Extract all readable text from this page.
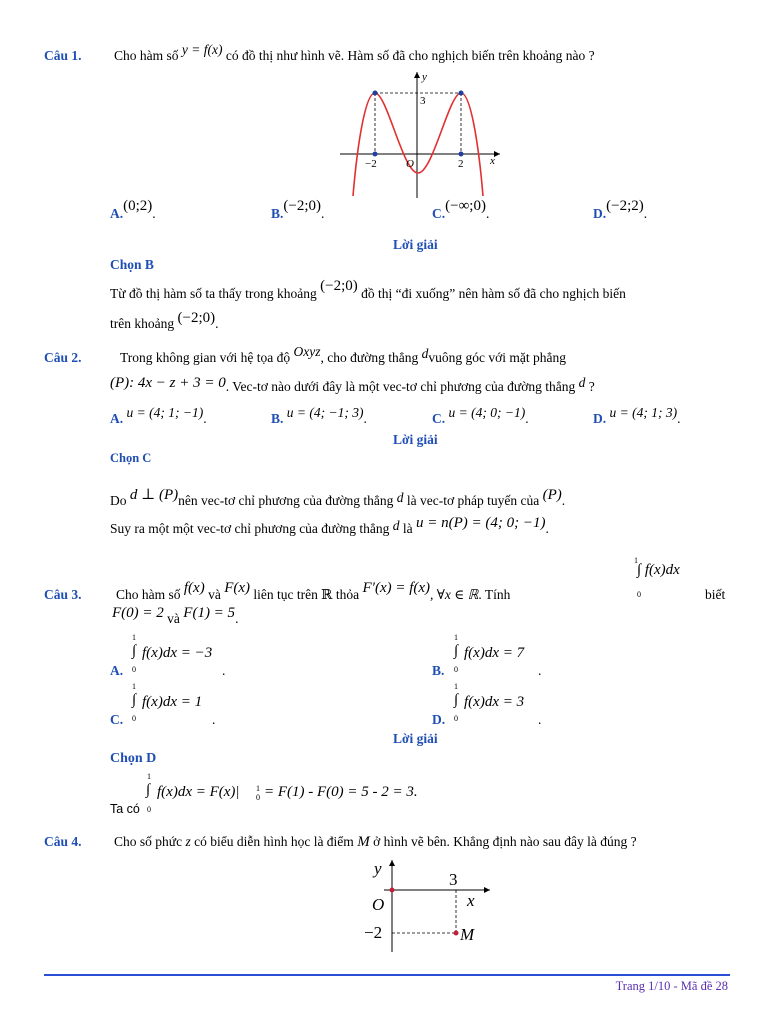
Câu 1. Cho hàm số y = f(x) có đồ thị như hình vẽ. Hàm số đã cho nghịch biến trên khoảng nào ?
y
x
O
−2	2
3
A.(0;2).	B.(−2;0).	C.(−∞;0).	D.(−2;2).
Lời giải
Chọn B
Từ đồ thị hàm số ta thấy trong khoảng (−2;0) đồ thị “đi xuống” nên hàm số đã cho nghịch biến
trên khoảng (−2;0).
Câu 2.	Trong không gian với hệ tọa độ Oxyz, cho đường thẳng dvuông góc với mặt phẳng
(P): 4x − z + 3 = 0. Vec-tơ nào dưới đây là một vec-tơ chỉ phương của đường thẳng d ?
A. u = (4; 1; −1).	B. u = (4; −1; 3).	C. u = (4; 0; −1).	D. u = (4; 1; 3).
Lời giải
Chọn C
Do d ⊥ (P)nên vec-tơ chỉ phương của đường thẳng d là vec-tơ pháp tuyến của (P).
Suy ra một một vec-tơ chỉ phương của đường thẳng d là u = n(P) = (4; 0; −1).
Câu 3.	Cho hàm số f(x) và F(x) liên tục trên ℝ thỏa F′(x) = f(x), ∀x ∈ ℝ. Tính
1
∫ f(x)dx
0	biết
F(0) = 2 và F(1) = 5.
1
0
A.
∫ f(x)dx = −3
.
1
0
B.
∫ f(x)dx = 7
.
1
0
C.
∫ f(x)dx = 1
.
1
0
D.
∫ f(x)dx = 3
.
Lời giải
Chọn D
Ta có
1
0
∫ f(x)dx = F(x)| 1
0 = F(1) - F(0) = 5 - 2 = 3.
Câu 4. Cho số phức z có biểu diễn hình học là điểm M ở hình vẽ bên. Khẳng định nào sau đây là đúng ?
y
x
O
3
−2	M
Trang 1/10 - Mã đề 28
